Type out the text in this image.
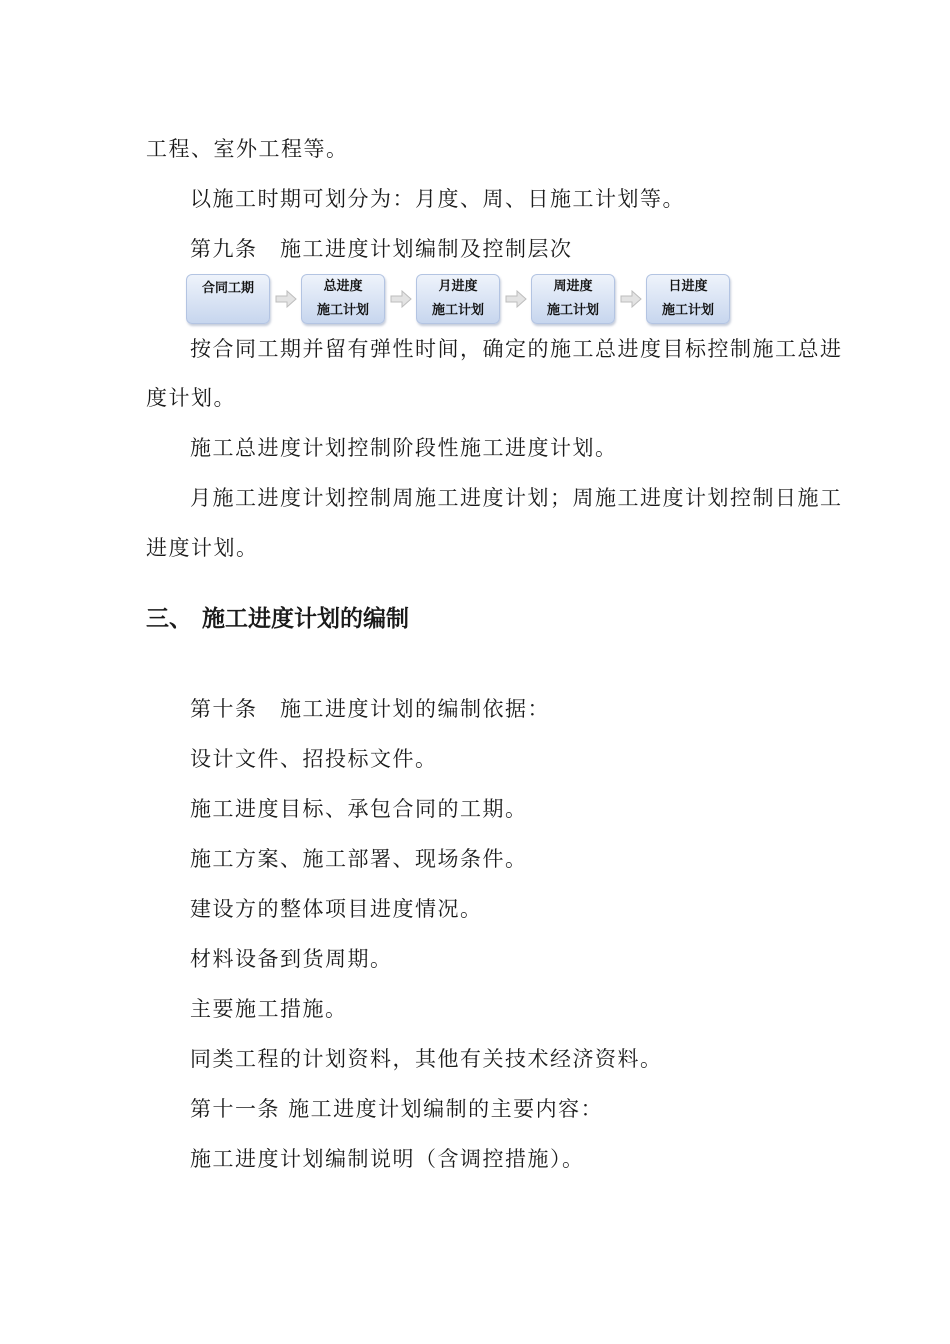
工程、室外工程等。
以施工时期可划分为：月度、周、日施工计划等。
第九条　施工进度计划编制及控制层次
合同工期	总进度
施工计划
月进度
施工计划
周进度
施工计划
日进度
施工计划
按合同工期并留有弹性时间，确定的施工总进度目标控制施工总进
度计划。
施工总进度计划控制阶段性施工进度计划。
月施工进度计划控制周施工进度计划；周施工进度计划控制日施工
进度计划。
三、 施工进度计划的编制
第十条　施工进度计划的编制依据：
设计文件、招投标文件。
施工进度目标、承包合同的工期。
施工方案、施工部署、现场条件。
建设方的整体项目进度情况。
材料设备到货周期。
主要施工措施。
同类工程的计划资料，其他有关技术经济资料。
第十一条 施工进度计划编制的主要内容：
施工进度计划编制说明（含调控措施）。
